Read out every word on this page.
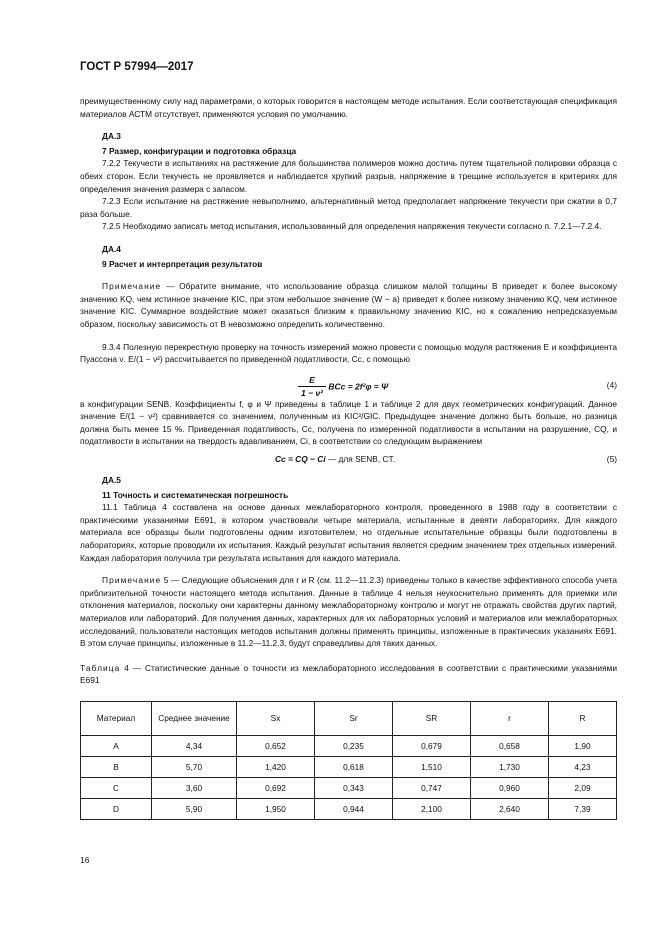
ГОСТ Р 57994—2017

преимущественному силу над параметрами, о которых говорится в настоящем методе испытания. Если соответствующая спецификация материалов АСТМ отсутствует, применяются условия по умолчанию.

ДА.3
7 Размер, конфигурации и подготовка образца

7.2.2 Текучести в испытаниях на растяжение для большинства полимеров можно достичь путем тщательной полировки образца с обеих сторон. Если текучесть не проявляется и наблюдается хрупкий разрыв, напряжение в трещине используется в критериях для определения значения размера с запасом.

7.2.3 Если испытание на растяжение невыполнимо, альтернативный метод предполагает напряжение текучести при сжатии в 0,7 раза больше.

7.2.5 Необходимо записать метод испытания, использованный для определения напряжения текучести согласно п. 7.2.1—7.2.4.

ДА.4
9 Расчет и интерпретация результатов

Примечание — Обратите внимание, что использование образца слишком малой толщины B приведет к более высокому значению KQ, чем истинное значение KIC, при этом небольшое значение (W − a) приведет к более низкому значению KQ, чем истинное значение KIC. Суммарное воздействие может оказаться близким к правильному значению KIC, но к сожалению непредсказуемым образом, поскольку зависимость от B невозможно определить количественно.

9.3.4 Полезную перекрестную проверку на точность измерений можно провести с помощью модуля растяжения E и коэффициента Пуассона ν. E/(1 − ν²) рассчитывается по приведенной податливости, Cc, с помощью

$\frac{E}{\text{1 − ν²}}$ BCc = 2f²φ = Ψ	(4)

в конфигурации SENB. Коэффициенты f, φ и Ψ приведены в таблице 1 и таблице 2 для двух геометрических конфигураций. Данное значение E/(1 − ν²) сравнивается со значением, полученным из KIC²/GIC. Предыдущее значение должно быть больше, но разница должна быть менее 15 %. Приведенная податливость, Cc, получена по измеренной податливости в испытании на разрушение, CQ, и податливости в испытании на твердость вдавливанием, Ci, в соответствии со следующим выражением

Cc = CQ − Ci — для SENB, CT.	(5)
ДА.5
11 Точность и систематическая погрешность

11.1 Таблица 4 составлена на основе данных межлабораторного контроля, проведенного в 1988 году в соответствии с практическими указаниями E691, в котором участвовали четыре материала, испытанные в девяти лабораториях. Для каждого материала все образцы были подготовлены одним изготовителем, но отдельные испытательные образцы были подготовлены в лабораториях, которые проводили их испытания. Каждый результат испытания является средним значением трех отдельных измерений. Каждая лаборатория получила три результата испытания для каждого материала.

Примечание 5 — Следующие объяснения для r и R (см. 11.2—11.2.3) приведены только в качестве эффективного способа учета приблизительной точности настоящего метода испытания. Данные в таблице 4 нельзя неукоснительно применять для приемки или отклонения материалов, поскольку они характерны данному межлабораторному контролю и могут не отражать свойства других партий, материалов или лабораторий. Для получения данных, характерных для их лабораторных условий и материалов или межлабораторных исследований, пользователи настоящих методов испытания должны применять принципы, изложенные в практических указаниях E691. В этом случае принципы, изложенные в 11.2—11.2.3, будут справедливы для таких данных.

Таблица 4 — Статистические данные о точности из межлабораторного исследования в соответствии с практическими указаниями E691

Материал	Среднее значение	Sx	Sr	SR	r	R
A	4,34	0,652	0,235	0,679	0,658	1,90
B	5,70	1,420	0,618	1,510	1,730	4,23
C	3,60	0,692	0,343	0,747	0,960	2,09
D	5,90	1,950	0,944	2,100	2,640	7,39
16
